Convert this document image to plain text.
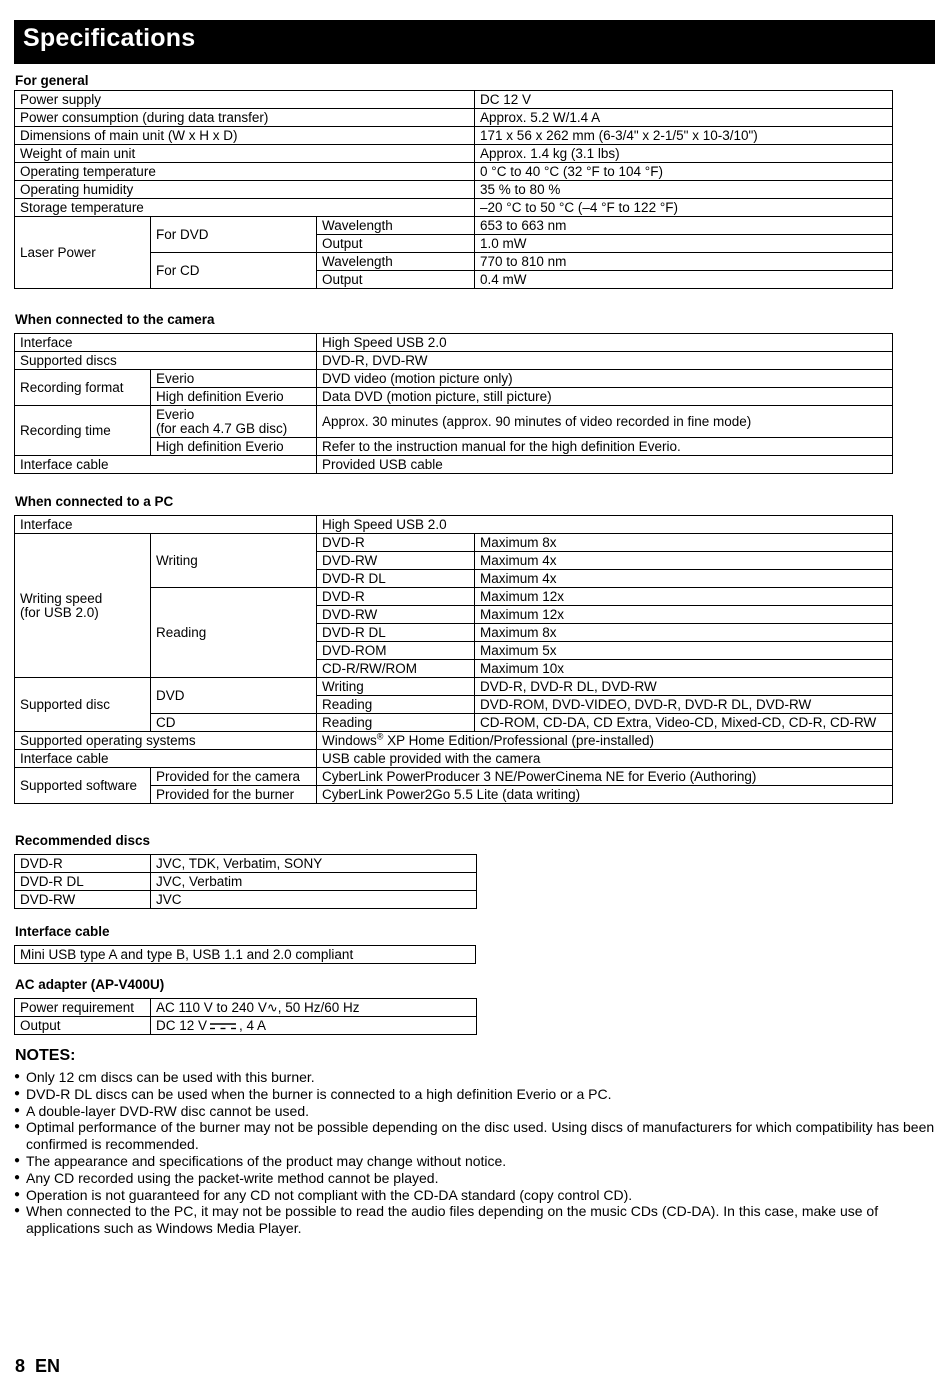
Specifications
For general
Power supply			DC 12 V
Power consumption (during data transfer)			Approx. 5.2 W/1.4 A
Dimensions of main unit (W x H x D)			171 x 56 x 262 mm (6-3/4" x 2-1/5" x 10-3/10")
Weight of main unit			Approx. 1.4 kg (3.1 lbs)
Operating temperature			0 °C to 40 °C (32 °F to 104 °F)
Operating humidity			35 % to 80 %
Storage temperature			–20 °C to 50 °C (–4 °F to 122 °F)
Laser Power	For DVD	Wavelength	653 to 663 nm
		Output	1.0 mW
	For CD	Wavelength	770 to 810 nm
		Output	0.4 mW
When connected to the camera
Interface		High Speed USB 2.0
Supported discs		DVD-R, DVD-RW
Recording format	Everio	DVD video (motion picture only)
	High definition Everio	Data DVD (motion picture, still picture)
Recording time	Everio
(for each 4.7 GB disc)	Approx. 30 minutes (approx. 90 minutes of video recorded in fine mode)
	High definition Everio	Refer to the instruction manual for the high definition Everio.
Interface cable		Provided USB cable
When connected to a PC
Interface		High Speed USB 2.0	
Writing speed
(for USB 2.0)	Writing	DVD-R	Maximum 8x
		DVD-RW	Maximum 4x
		DVD-R DL	Maximum 4x
	Reading	DVD-R	Maximum 12x
		DVD-RW	Maximum 12x
		DVD-R DL	Maximum 8x
		DVD-ROM	Maximum 5x
		CD-R/RW/ROM	Maximum 10x
Supported disc	DVD	Writing	DVD-R, DVD-R DL, DVD-RW
		Reading	DVD-ROM, DVD-VIDEO, DVD-R, DVD-R DL, DVD-RW
	CD	Reading	CD-ROM, CD-DA, CD Extra, Video-CD, Mixed-CD, CD-R, CD-RW
Supported operating systems		Windows® XP Home Edition/Professional (pre-installed)	
Interface cable		USB cable provided with the camera	
Supported software	Provided for the camera	CyberLink PowerProducer 3 NE/PowerCinema NE for Everio (Authoring)	
	Provided for the burner	CyberLink Power2Go 5.5 Lite (data writing)	
Recommended discs
DVD-R	JVC, TDK, Verbatim, SONY
DVD-R DL	JVC, Verbatim
DVD-RW	JVC
Interface cable
Mini USB type A and type B, USB 1.1 and 2.0 compliant
AC adapter (AP-V400U)
Power requirement	AC 110 V to 240 V∿, 50 Hz/60 Hz
Output	DC 12 V , 4 A
NOTES:
● Only 12 cm discs can be used with this burner.
● DVD-R DL discs can be used when the burner is connected to a high definition Everio or a PC.
● A double-layer DVD-RW disc cannot be used.
● Optimal performance of the burner may not be possible depending on the disc used. Using discs of manufacturers for which compatibility has been confirmed is recommended.
● The appearance and specifications of the product may change without notice.
● Any CD recorded using the packet-write method cannot be played.
● Operation is not guaranteed for any CD not compliant with the CD-DA standard (copy control CD).
● When connected to the PC, it may not be possible to read the audio files depending on the music CDs (CD-DA). In this case, make use of applications such as Windows Media Player.
8 EN
